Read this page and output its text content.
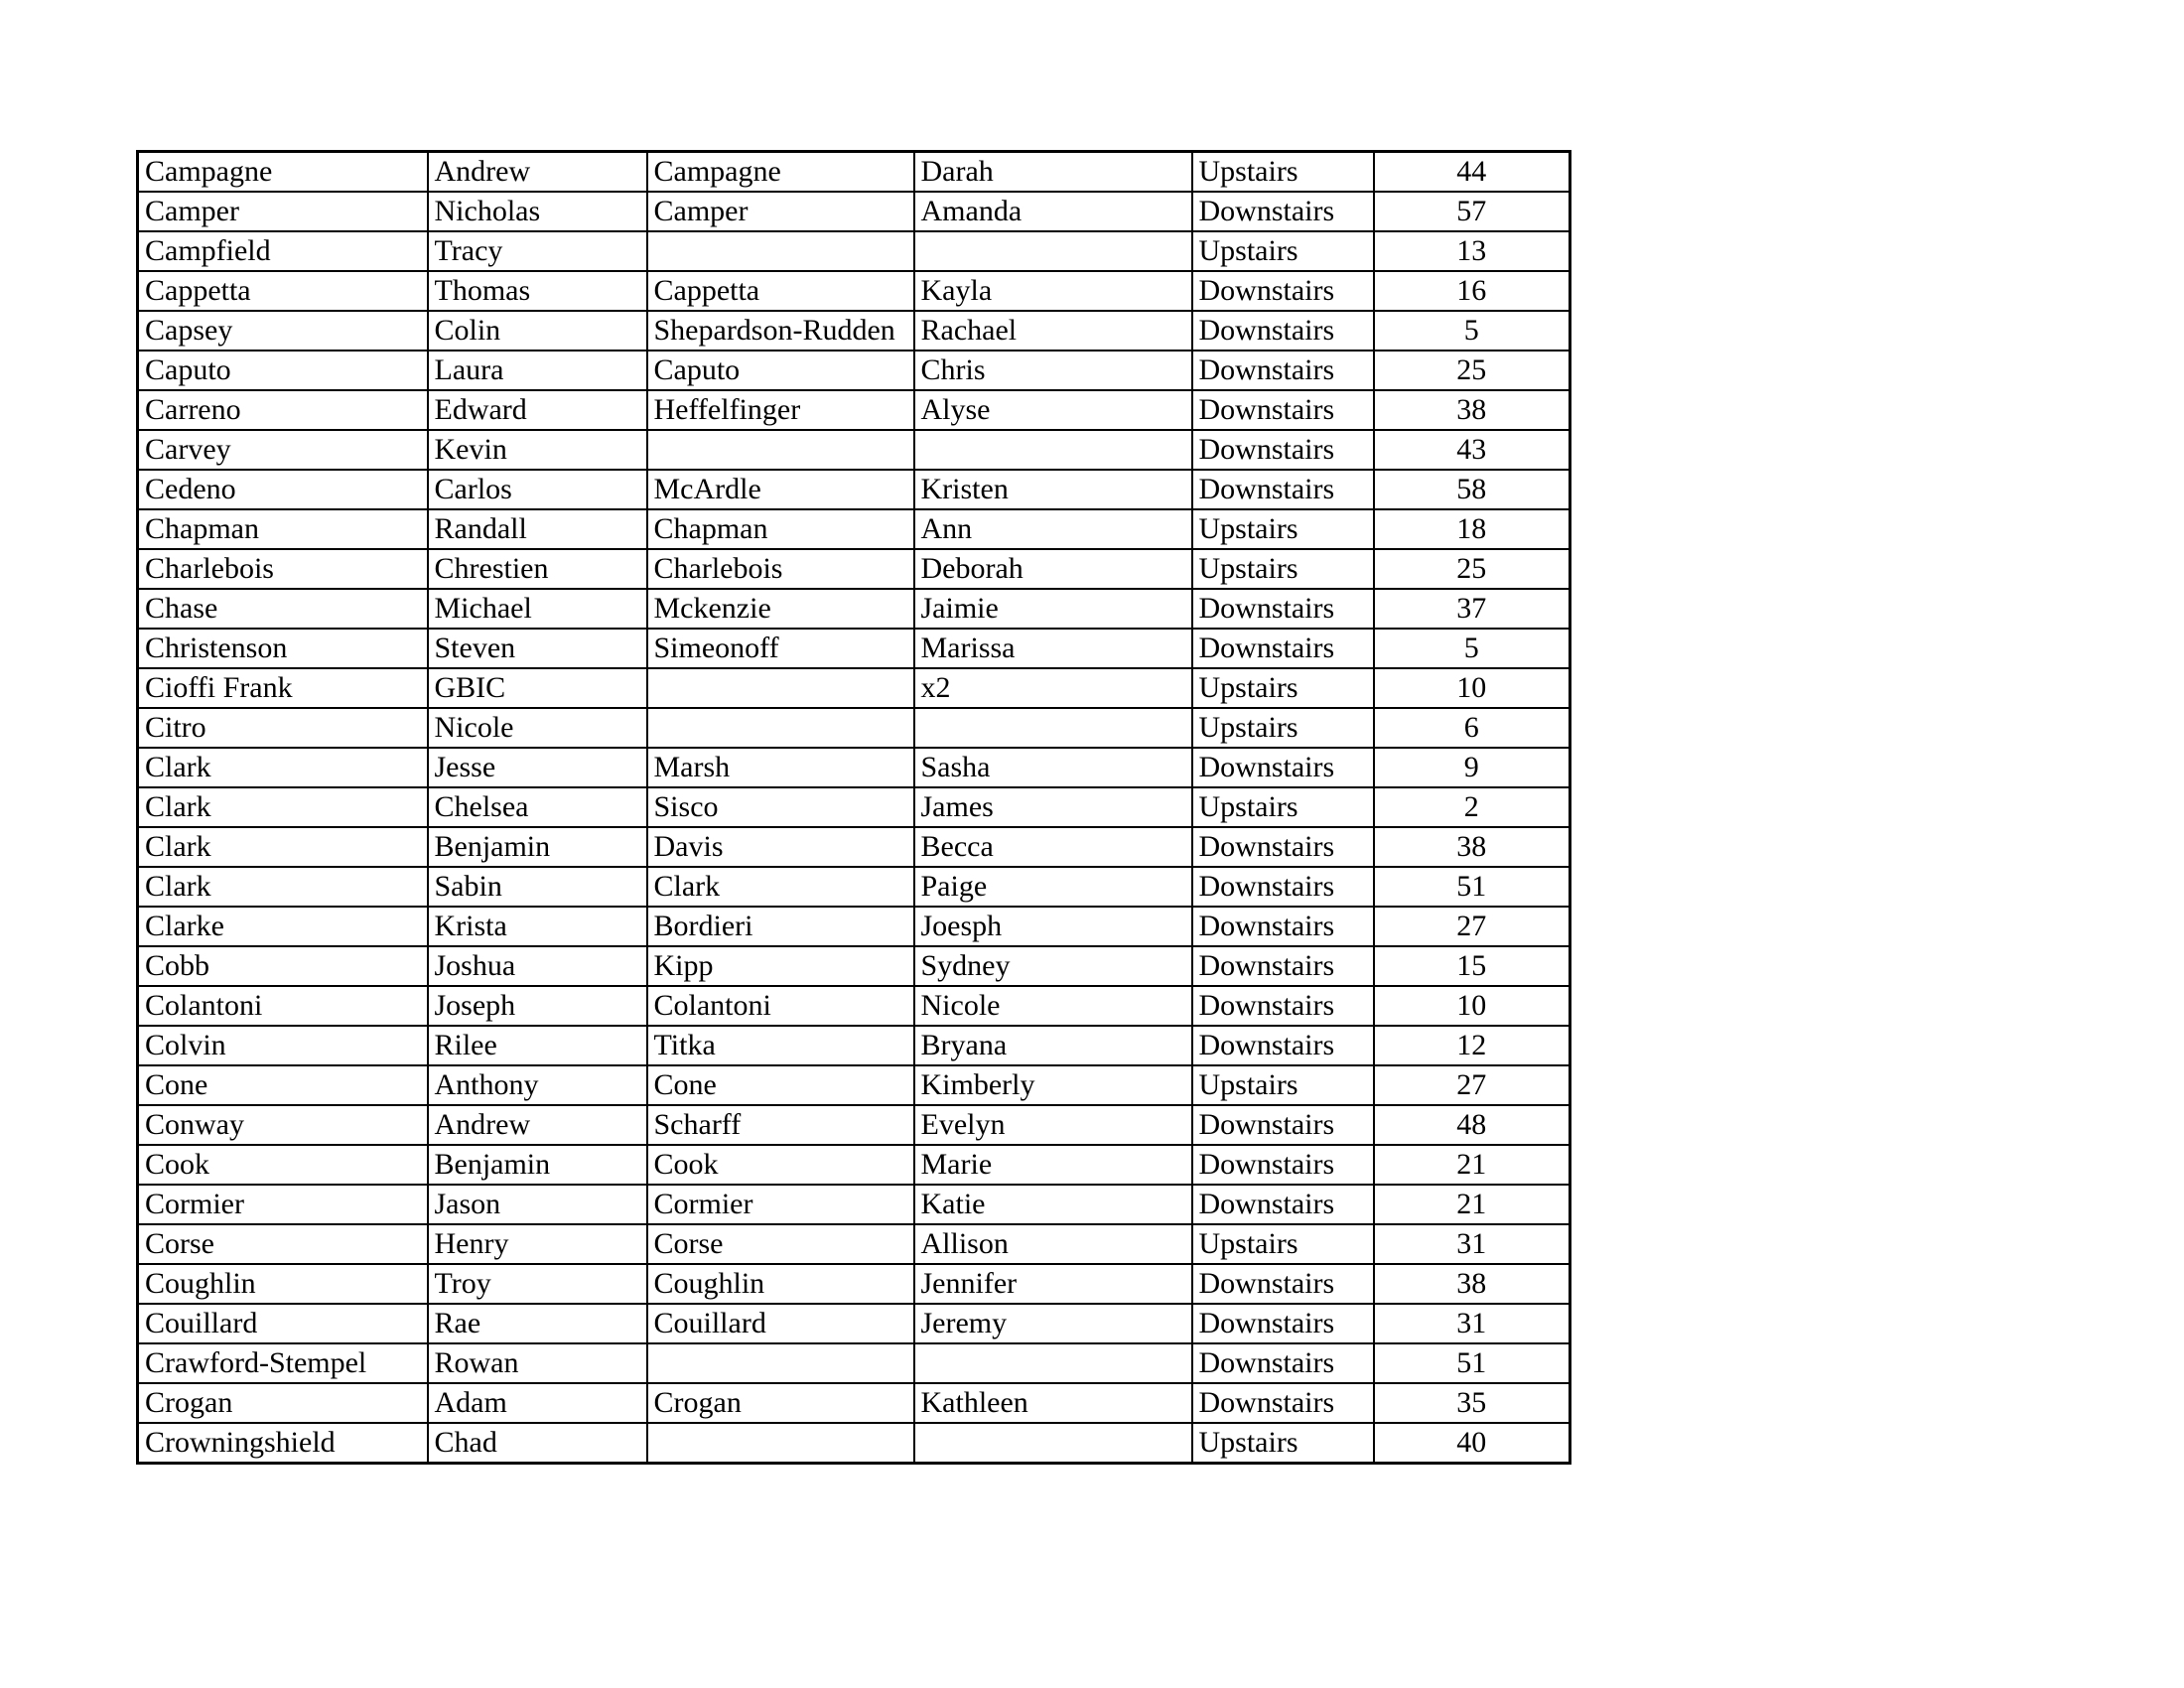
Campagne	Andrew	Campagne	Darah	Upstairs	44
Camper	Nicholas	Camper	Amanda	Downstairs	57
Campfield	Tracy			Upstairs	13
Cappetta	Thomas	Cappetta	Kayla	Downstairs	16
Capsey	Colin	Shepardson-Rudden	Rachael	Downstairs	5
Caputo	Laura	Caputo	Chris	Downstairs	25
Carreno	Edward	Heffelfinger	Alyse	Downstairs	38
Carvey	Kevin			Downstairs	43
Cedeno	Carlos	McArdle	Kristen	Downstairs	58
Chapman	Randall	Chapman	Ann	Upstairs	18
Charlebois	Chrestien	Charlebois	Deborah	Upstairs	25
Chase	Michael	Mckenzie	Jaimie	Downstairs	37
Christenson	Steven	Simeonoff	Marissa	Downstairs	5
Cioffi Frank	GBIC		x2	Upstairs	10
Citro	Nicole			Upstairs	6
Clark	Jesse	Marsh	Sasha	Downstairs	9
Clark	Chelsea	Sisco	James	Upstairs	2
Clark	Benjamin	Davis	Becca	Downstairs	38
Clark	Sabin	Clark	Paige	Downstairs	51
Clarke	Krista	Bordieri	Joesph	Downstairs	27
Cobb	Joshua	Kipp	Sydney	Downstairs	15
Colantoni	Joseph	Colantoni	Nicole	Downstairs	10
Colvin	Rilee	Titka	Bryana	Downstairs	12
Cone	Anthony	Cone	Kimberly	Upstairs	27
Conway	Andrew	Scharff	Evelyn	Downstairs	48
Cook	Benjamin	Cook	Marie	Downstairs	21
Cormier	Jason	Cormier	Katie	Downstairs	21
Corse	Henry	Corse	Allison	Upstairs	31
Coughlin	Troy	Coughlin	Jennifer	Downstairs	38
Couillard	Rae	Couillard	Jeremy	Downstairs	31
Crawford-Stempel	Rowan			Downstairs	51
Crogan	Adam	Crogan	Kathleen	Downstairs	35
Crowningshield	Chad			Upstairs	40
